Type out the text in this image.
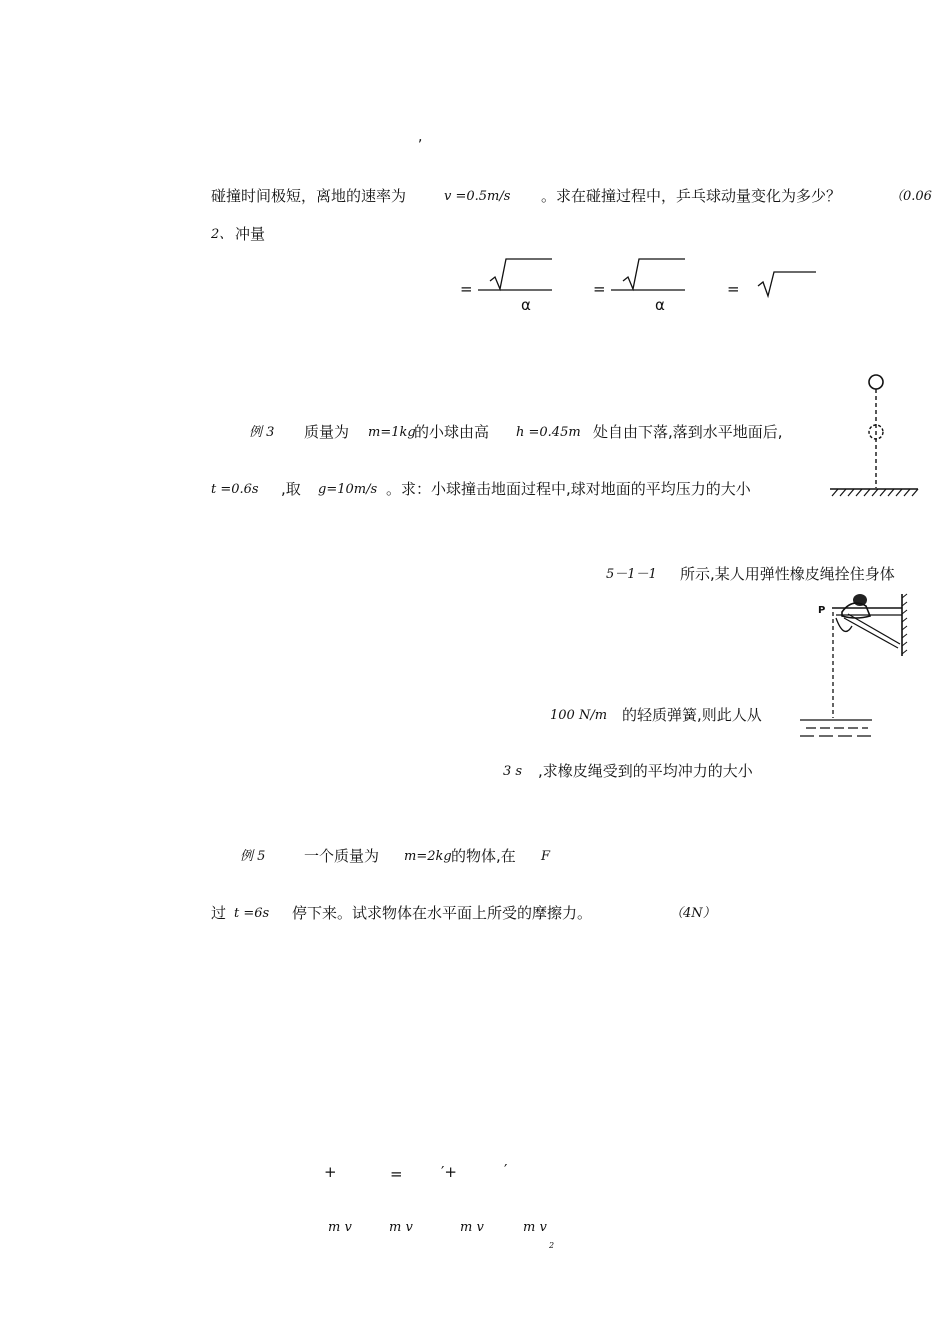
,
碰撞时间极短，离地的速率为	v =0.5m/s 。求在碰撞过程中，乒乓球动量变化为多少？	（0.06
2、 冲量
=
α
=
α
=
例 3 质量为 m=1kg
的小球由高 h =0.45m 处自由下落,落到水平地面后,
t =0.6s ,取 g=10m/s 。求：小球撞击地面过程中,球对地面的平均压力的大小
5－1－1 所示,某人用弹性橡皮绳拴住身体
P
100 N/m 的轻质弹簧,则此人从
3 s ,求橡皮绳受到的平均冲力的大小
例 5	一个质量为 m=2kg 的物体,在 F
过 t =6s 停下来。试求物体在水平面上所受的摩擦力。	（4N）
+	=	′+	′
m v	m v	m v	m v
2
